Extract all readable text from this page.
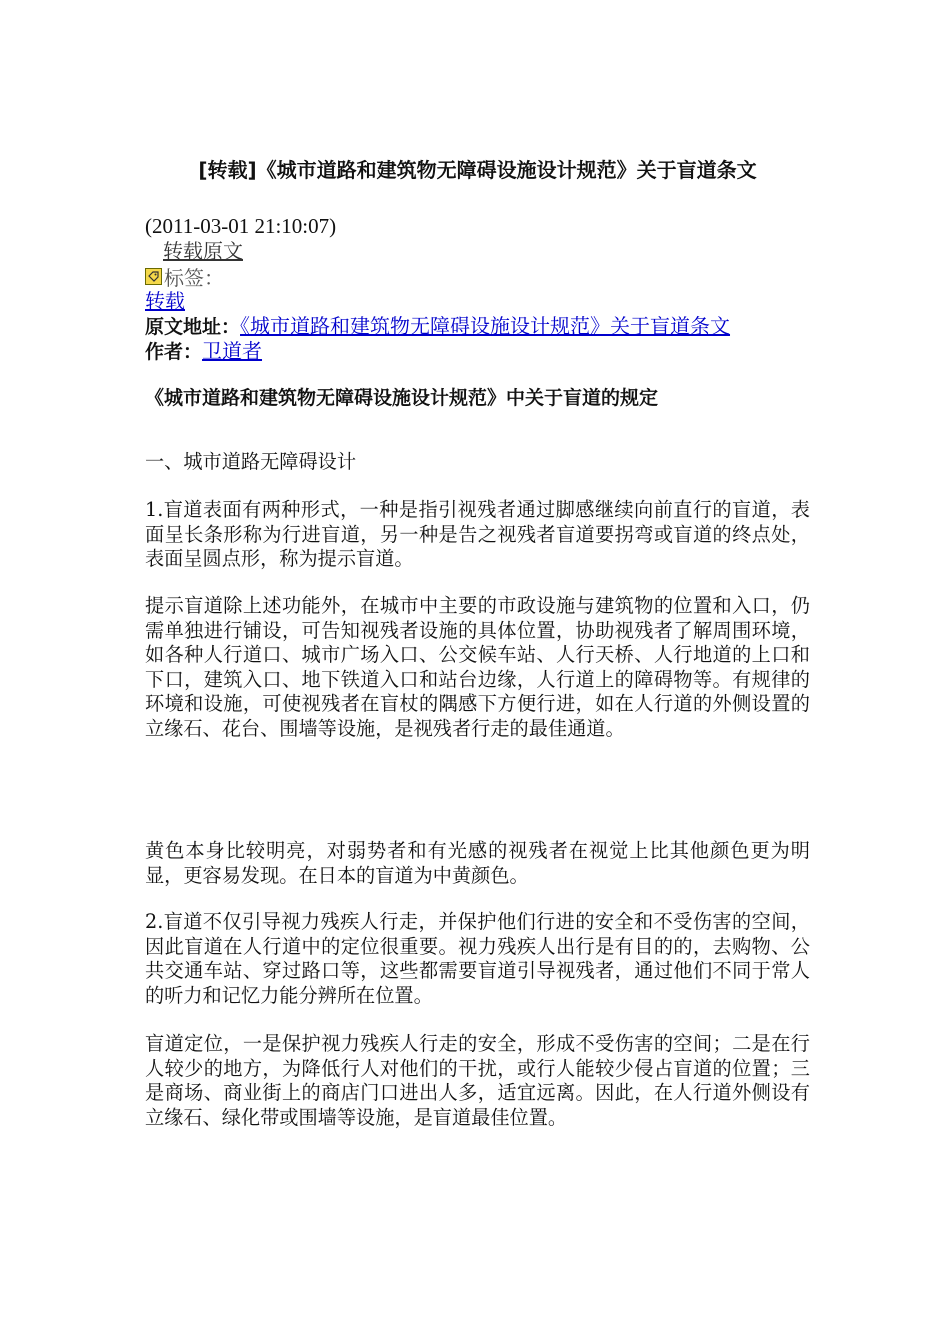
[转载]《城市道路和建筑物无障碍设施设计规范》关于盲道条文
(2011-03-01 21:10:07)
转载原文
标签：
转载
原文地址：《城市道路和建筑物无障碍设施设计规范》关于盲道条文
作者：卫道者
《城市道路和建筑物无障碍设施设计规范》中关于盲道的规定

一、城市道路无障碍设计

1.盲道表面有两种形式，一种是指引视残者通过脚感继续向前直行的盲道，表面呈长条形称为行进盲道，另一种是告之视残者盲道要拐弯或盲道的终点处，表面呈圆点形，称为提示盲道。

提示盲道除上述功能外，在城市中主要的市政设施与建筑物的位置和入口，仍需单独进行铺设，可告知视残者设施的具体位置，协助视残者了解周围环境，如各种人行道口、城市广场入口、公交候车站、人行天桥、人行地道的上口和下口，建筑入口、地下铁道入口和站台边缘，人行道上的障碍物等。有规律的环境和设施，可使视残者在盲杖的隅感下方便行进，如在人行道的外侧设置的立缘石、花台、围墙等设施，是视残者行走的最佳通道。

黄色本身比较明亮，对弱势者和有光感的视残者在视觉上比其他颜色更为明显，更容易发现。在日本的盲道为中黄颜色。

2.盲道不仅引导视力残疾人行走，并保护他们行进的安全和不受伤害的空间，因此盲道在人行道中的定位很重要。视力残疾人出行是有目的的，去购物、公共交通车站、穿过路口等，这些都需要盲道引导视残者，通过他们不同于常人的听力和记忆力能分辨所在位置。

盲道定位，一是保护视力残疾人行走的安全，形成不受伤害的空间；二是在行人较少的地方，为降低行人对他们的干扰，或行人能较少侵占盲道的位置；三是商场、商业街上的商店门口进出人多，适宜远离。因此，在人行道外侧设有立缘石、绿化带或围墙等设施，是盲道最佳位置。
